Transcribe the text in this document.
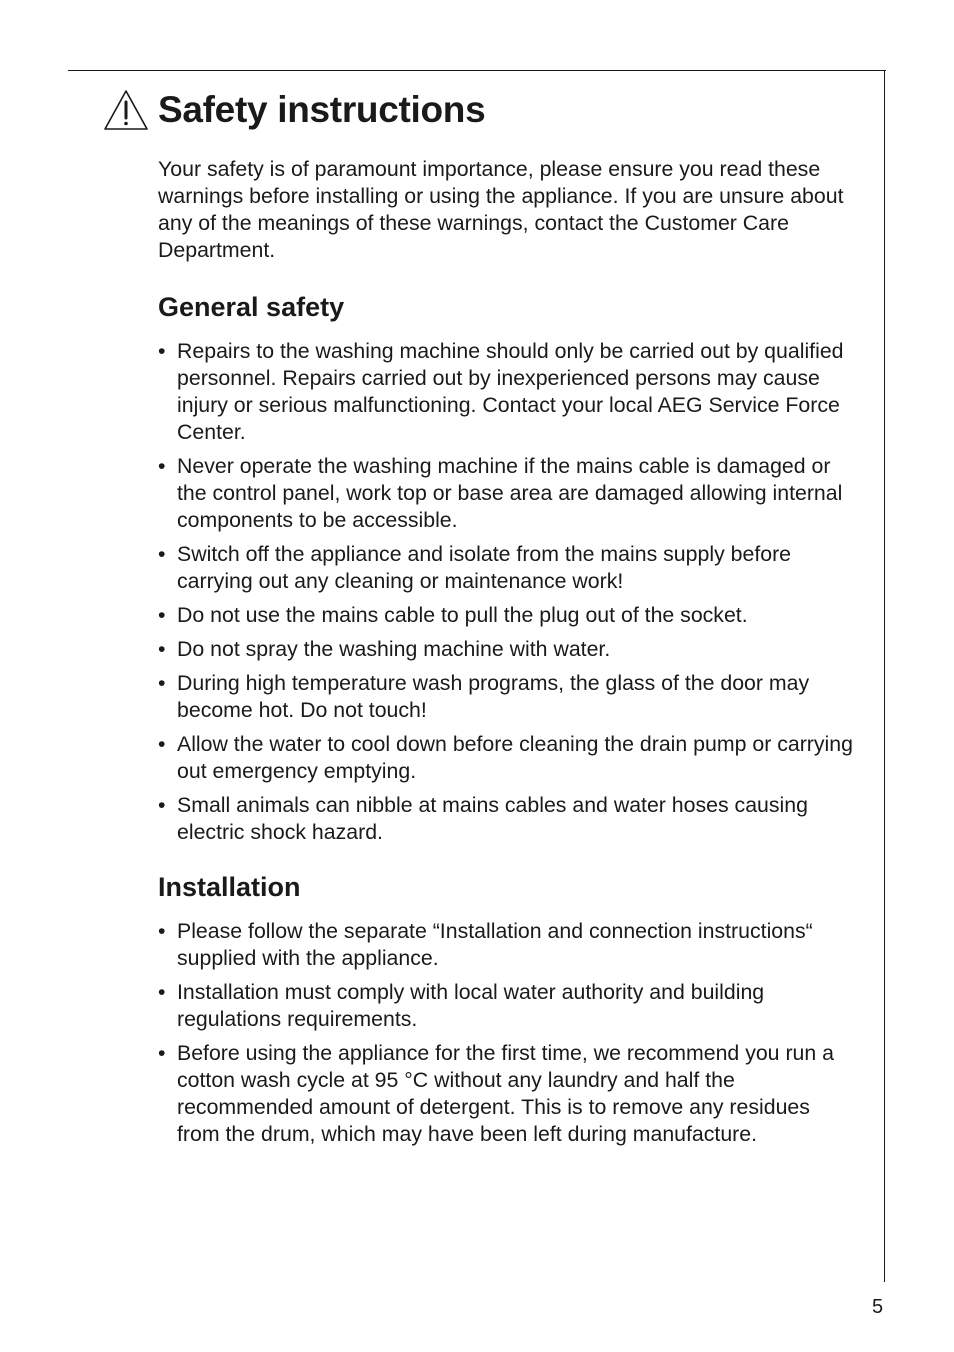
Safety instructions

Your safety is of paramount importance, please ensure you read these warnings before installing or using the appliance. If you are unsure about any of the meanings of these warnings, contact the Customer Care Department.

General safety
• Repairs to the washing machine should only be carried out by qualified personnel. Repairs carried out by inexperienced persons may cause injury or serious malfunctioning. Contact your local AEG Service Force Center.
• Never operate the washing machine if the mains cable is damaged or the control panel, work top or base area are damaged allowing internal components to be accessible.
• Switch off the appliance and isolate from the mains supply before carrying out any cleaning or maintenance work!
• Do not use the mains cable to pull the plug out of the socket.
• Do not spray the washing machine with water.
• During high temperature wash programs, the glass of the door may become hot. Do not touch!
• Allow the water to cool down before cleaning the drain pump or carrying out emergency emptying.
• Small animals can nibble at mains cables and water hoses causing electric shock hazard.
Installation
• Please follow the separate “Installation and connection instructions“ supplied with the appliance.
• Installation must comply with local water authority and building regulations requirements.
• Before using the appliance for the first time, we recommend you run a cotton wash cycle at 95 °C without any laundry and half the recommended amount of detergent. This is to remove any residues from the drum, which may have been left during manufacture.
5
